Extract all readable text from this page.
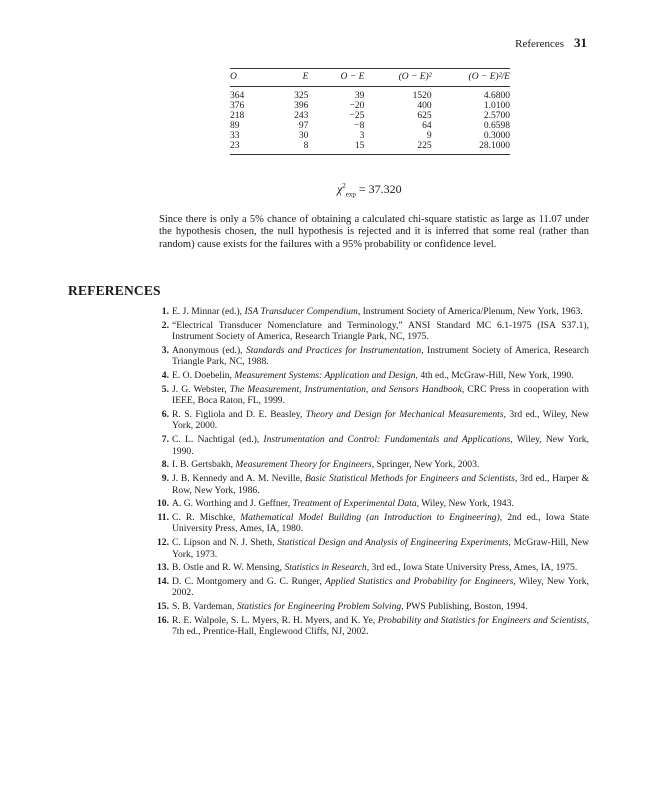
References 31
O	E	O − E	(O − E)²	(O − E)²/E
364	325	39	1520	4.6800
376	396	−20	400	1.0100
218	243	−25	625	2.5700
89	97	−8	64	0.6598
33	30	3	9	0.3000
23	8	15	225	28.1000
$\chi^2_{exp} = 37.320$

Since there is only a 5% chance of obtaining a calculated chi-square statistic as large as 11.07 under the hypothesis chosen, the null hypothesis is rejected and it is inferred that some real (rather than random) cause exists for the failures with a 95% probability or confidence level.

REFERENCES
1. E. J. Minnar (ed.), ISA Transducer Compendium, Instrument Society of America/Plenum, New York, 1963.
2. “Electrical Transducer Nomenclature and Terminology,” ANSI Standard MC 6.1-1975 (ISA S37.1), Instrument Society of America, Research Triangle Park, NC, 1975.
3. Anonymous (ed.), Standards and Practices for Instrumentation, Instrument Society of America, Research Triangle Park, NC, 1988.
4. E. O. Doebelin, Measurement Systems: Application and Design, 4th ed., McGraw-Hill, New York, 1990.
5. J. G. Webster, The Measurement, Instrumentation, and Sensors Handbook, CRC Press in cooperation with IEEE, Boca Raton, FL, 1999.
6. R. S. Figliola and D. E. Beasley, Theory and Design for Mechanical Measurements, 3rd ed., Wiley, New York, 2000.
7. C. L. Nachtigal (ed.), Instrumentation and Control: Fundamentals and Applications, Wiley, New York, 1990.
8. I. B. Gertsbakh, Measurement Theory for Engineers, Springer, New York, 2003.
9. J. B. Kennedy and A. M. Neville, Basic Statistical Methods for Engineers and Scientists, 3rd ed., Harper & Row, New York, 1986.
10. A. G. Worthing and J. Geffner, Treatment of Experimental Data, Wiley, New York, 1943.
11. C. R. Mischke, Mathematical Model Building (an Introduction to Engineering), 2nd ed., Iowa State University Press, Ames, IA, 1980.
12. C. Lipson and N. J. Sheth, Statistical Design and Analysis of Engineering Experiments, McGraw-Hill, New York, 1973.
13. B. Ostle and R. W. Mensing, Statistics in Research, 3rd ed., Iowa State University Press, Ames, IA, 1975.
14. D. C. Montgomery and G. C. Runger, Applied Statistics and Probability for Engineers, Wiley, New York, 2002.
15. S. B. Vardeman, Statistics for Engineering Problem Solving, PWS Publishing, Boston, 1994.
16. R. E. Walpole, S. L. Myers, R. H. Myers, and K. Ye, Probability and Statistics for Engineers and Scientists, 7th ed., Prentice-Hall, Englewood Cliffs, NJ, 2002.
